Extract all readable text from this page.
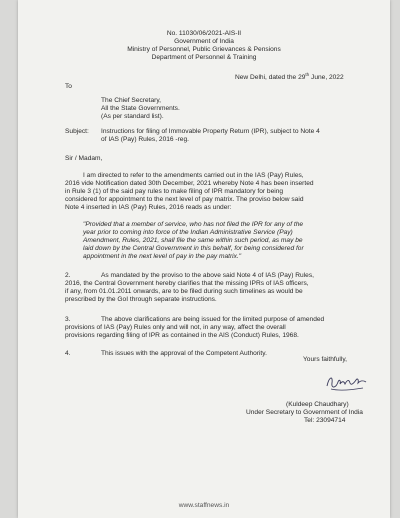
No. 11030/06/2021-AIS-II
Government of India
Ministry of Personnel, Public Grievances & Pensions
Department of Personnel & Training
New Delhi, dated the 29th June, 2022
To
The Chief Secretary,
All the State Governments.
(As per standard list).
Subject: Instructions for filing of Immovable Property Return (IPR), subject to Note 4
of IAS (Pay) Rules, 2016 -reg.
Sir / Madam,
I am directed to refer to the amendments carried out in the IAS (Pay) Rules,
2016 vide Notification dated 30th December, 2021 whereby Note 4 has been inserted
in Rule 3 (1) of the said pay rules to make filing of IPR mandatory for being
considered for appointment to the next level of pay matrix. The proviso below said
Note 4 inserted in IAS (Pay) Rules, 2016 reads as under:
"Provided that a member of service, who has not filed the IPR for any of the
year prior to coming into force of the Indian Administrative Service (Pay)
Amendment, Rules, 2021, shall file the same within such period, as may be
laid down by the Central Government in this behalf, for being considered for
appointment in the next level of pay in the pay matrix."
2.	As mandated by the proviso to the above said Note 4 of IAS (Pay) Rules,
2016, the Central Government hereby clarifies that the missing IPRs of IAS officers,
if any, from 01.01.2011 onwards, are to be filed during such timelines as would be
prescribed by the GoI through separate instructions.
3.	The above clarifications are being issued for the limited purpose of amended
provisions of IAS (Pay) Rules only and will not, in any way, affect the overall
provisions regarding filing of IPR as contained in the AIS (Conduct) Rules, 1968.
4.	This issues with the approval of the Competent Authority.
Yours faithfully,
(Kuldeep Chaudhary)
Under Secretary to Government of India
Tel: 23094714
www.staffnews.in
